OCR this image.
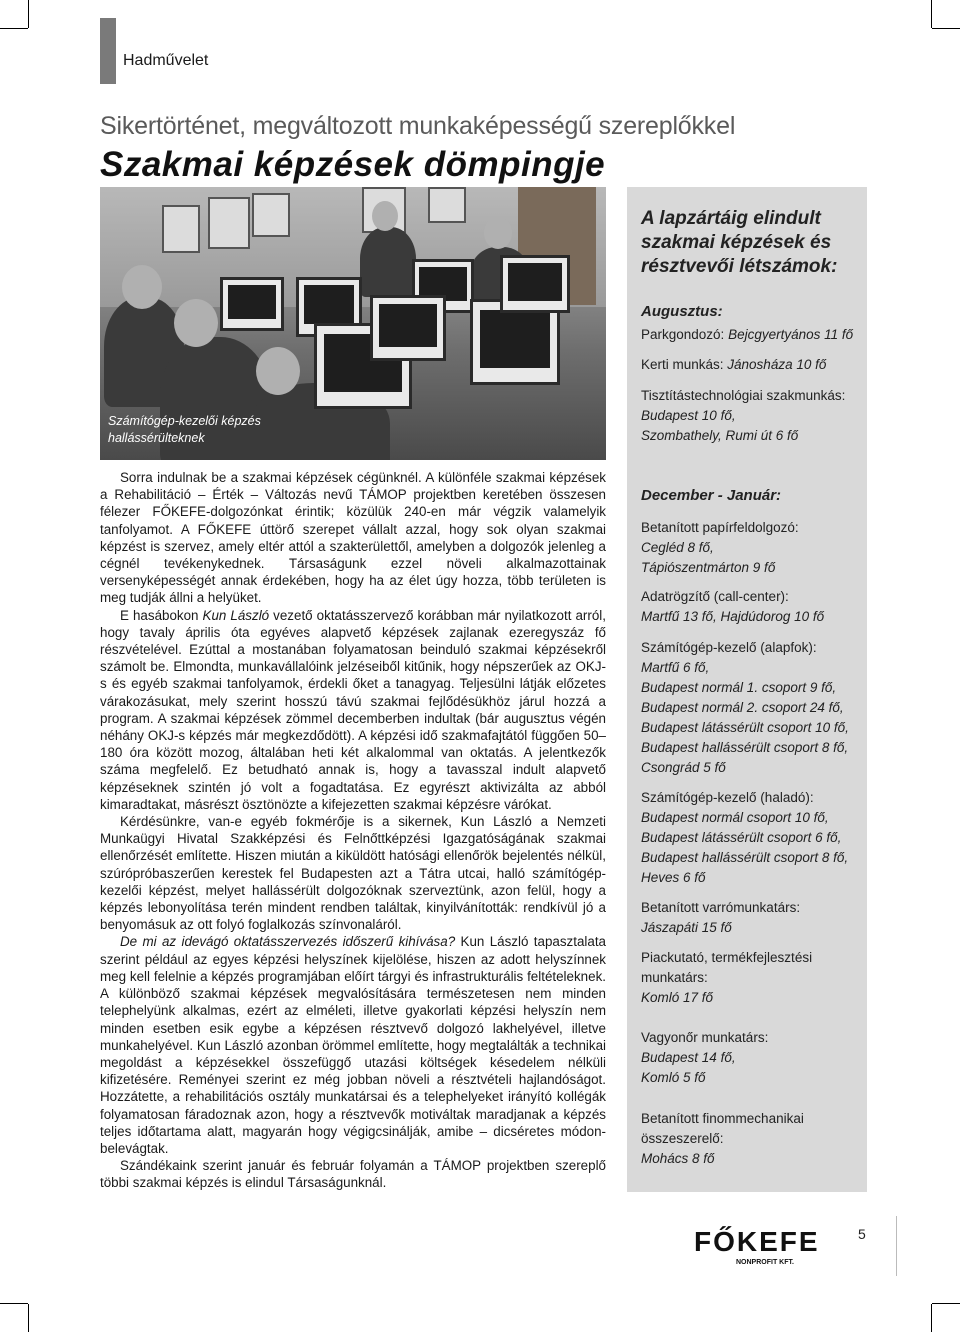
Hadművelet
Sikertörténet, megváltozott munkaképességű szereplőkkel
Szakmai képzések dömpingje
Számítógép-kezelői képzés
hallássérülteknek

Sorra indulnak be a szakmai képzések cégünknél. A különféle szakmai képzések a Rehabilitáció – Érték – Változás nevű TÁMOP projektben keretében összesen félezer FŐKEFE-dolgozónkat érintik; közülük 240-en már végzik valamelyik tanfolyamot. A FŐKEFE úttörő szerepet vállalt azzal, hogy sok olyan szakmai képzést is szervez, amely eltér attól a szakterülettől, amelyben a dolgozók jelenleg a cégnél tevékenykednek. Társaságunk ezzel növeli alkalmazottainak versenyképességét annak érdekében, hogy ha az élet úgy hozza, több területen is meg tudják állni a helyüket.

E hasábokon Kun László vezető oktatásszervező korábban már nyilatkozott arról, hogy tavaly április óta egyéves alapvető képzések zajlanak ezeregyszáz fő részvételével. Ezúttal a mostanában folyamatosan beinduló szakmai képzésekről számolt be. Elmondta, munkavállalóink jelzéseiből kitűnik, hogy népszerűek az OKJ-s és egyéb szakmai tanfolyamok, érdekli őket a tanagyag. Teljesülni látják előzetes várakozásukat, mely szerint hosszú távú szakmai fejlődésükhöz járul hozzá a program. A szakmai képzések zömmel decemberben indultak (bár augusztus végén néhány OKJ-s képzés már megkezdődött). A képzési idő szakmafajtától függően 50–180 óra között mozog, általában heti két alkalommal van oktatás. A jelentkezők száma megfelelő. Ez betudható annak is, hogy a tavasszal indult alapvető képzéseknek szintén jó volt a fogadtatása. Ez egyrészt aktivizálta az abból kimaradtakat, másrészt ösztönözte a kifejezetten szakmai képzésre várókat.

Kérdésünkre, van-e egyéb fokmérője is a sikernek, Kun László a Nemzeti Munkaügyi Hivatal Szakképzési és Felnőttképzési Igazgatóságának szakmai ellenőrzését említette. Hiszen miután a kiküldött hatósági ellenőrök bejelentés nélkül, szúrópróbaszerűen kerestek fel Budapesten azt a Tátra utcai, halló számítógép-kezelői képzést, melyet hallássérült dolgozóknak szerveztünk, azon felül, hogy a képzés lebonyolítása terén mindent rendben találtak, kinyilvánították: rendkívül jó a benyomásuk az ott folyó foglalkozás színvonaláról.

De mi az idevágó oktatásszervezés időszerű kihívása? Kun László tapasztalata szerint például az egyes képzési helyszínek kijelölése, hiszen az adott helyszínnek meg kell felelnie a képzés programjában előírt tárgyi és infrastrukturális feltételeknek. A különböző szakmai képzések megvalósítására természetesen nem minden telephelyünk alkalmas, ezért az elméleti, illetve gyakorlati képzési helyszín nem minden esetben esik egybe a képzésen résztvevő dolgozó lakhelyével, illetve munkahelyével. Kun László azonban örömmel említette, hogy megtalálták a technikai megoldást a képzésekkel összefüggő utazási költségek késedelem nélküli kifizetésére. Reményei szerint ez még jobban növeli a résztvételi hajlandóságot. Hozzátette, a rehabilitációs osztály munkatársai és a telephelyeket irányító kollégák folyamatosan fáradoznak azon, hogy a résztvevők motiváltak maradjanak a képzés teljes időtartama alatt, magyarán hogy végigcsinálják, amibe – dicséretes módon- belevágtak.

Szándékaink szerint január és február folyamán a TÁMOP projektben szereplő többi szakmai képzés is elindul Társaságunknál.

A lapzártáig elindult szakmai képzések és résztvevői létszámok:
Augusztus:
Parkgondozó: Bejcgyertyános 11 fő
Kerti munkás: Jánosháza 10 fő
Tisztítástechnológiai szakmunkás:
Budapest 10 fő,
Szombathely, Rumi út 6 fő
December - Január:
Betanított papírfeldolgozó:
Cegléd 8 fő,
Tápiószentmárton 9 fő
Adatrögzítő (call-center):
Martfű 13 fő, Hajdúdorog 10 fő
Számítógép-kezelő (alapfok):
Martfű 6 fő,
Budapest normál 1. csoport 9 fő,
Budapest normál 2. csoport 24 fő,
Budapest látássérült csoport 10 fő,
Budapest hallássérült csoport 8 fő,
Csongrád 5 fő
Számítógép-kezelő (haladó):
Budapest normál csoport 10 fő,
Budapest látássérült csoport 6 fő,
Budapest hallássérült csoport 8 fő,
Heves 6 fő
Betanított varrómunkatárs:
Jászapáti 15 fő
Piackutató, termékfejlesztési munkatárs:
Komló 17 fő
Vagyonőr munkatárs:
Budapest 14 fő,
Komló 5 fő
Betanított finommechanikai összeszerelő:
Mohács 8 fő
FŐKEFE
NONPROFIT KFT.
5
